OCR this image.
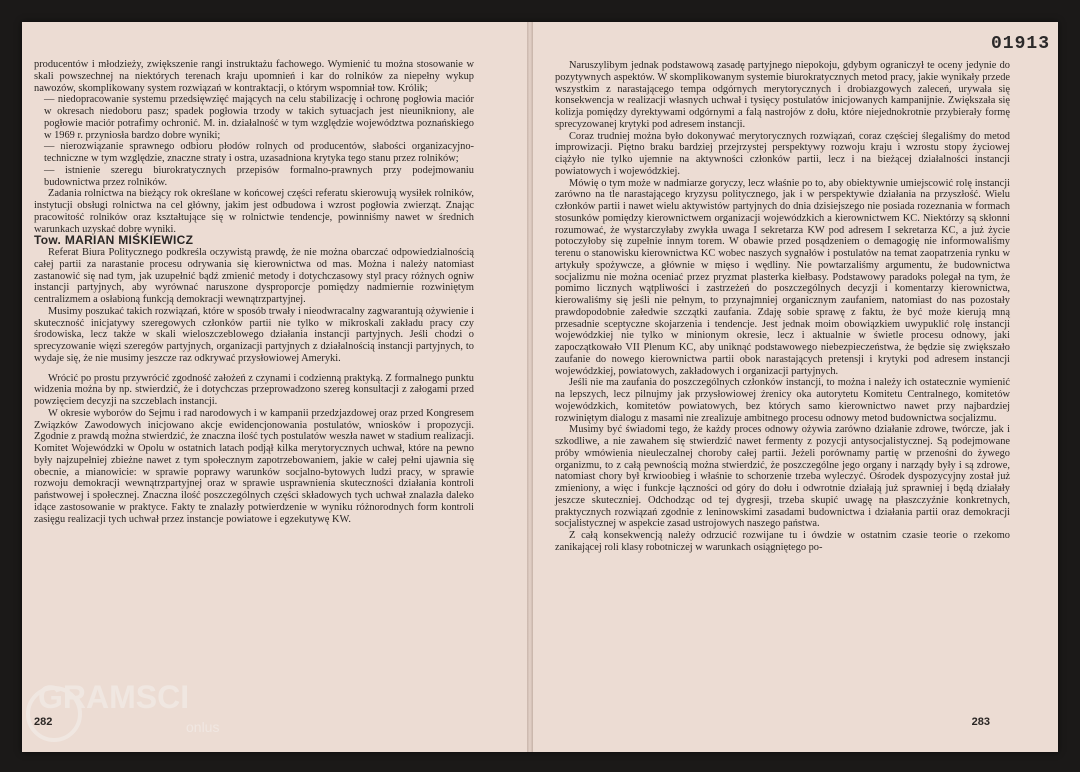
producentów i młodzieży, zwiększenie rangi instruktażu fachowego. Wymienić tu można stosowanie w skali powszechnej na niektórych terenach kraju upomnień i kar do rolników za niepełny wykup nawozów, skomplikowany system rozwiązań w kontraktacji, o którym wspomniał tow. Królik;

— niedopracowanie systemu przedsięwzięć mających na celu stabilizację i ochronę pogłowia maciór w okresach niedoboru pasz; spadek pogłowia trzody w takich sytuacjach jest nieunikniony, ale pogłowie maciór potrafimy ochronić. M. in. działalność w tym względzie województwa poznańskiego w 1969 r. przyniosła bardzo dobre wyniki;

— nierozwiązanie sprawnego odbioru płodów rolnych od producentów, słabości organizacyjno-techniczne w tym względzie, znaczne straty i ostra, uzasadniona krytyka tego stanu przez rolników;

— istnienie szeregu biurokratycznych przepisów formalno-prawnych przy podejmowaniu budownictwa przez rolników.

Zadania rolnictwa na bieżący rok określane w końcowej części referatu skierowują wysiłek rolników, instytucji obsługi rolnictwa na cel główny, jakim jest odbudowa i wzrost pogłowia zwierząt. Znając pracowitość rolników oraz kształtujące się w rolnictwie tendencje, powinniśmy nawet w średnich warunkach uzyskać dobre wyniki.

Tow. MARIAN MIŚKIEWICZ

Referat Biura Politycznego podkreśla oczywistą prawdę, że nie można obarczać odpowiedzialnością całej partii za narastanie procesu odrywania się kierownictwa od mas. Można i należy natomiast zastanowić się nad tym, jak uzupełnić bądź zmienić metody i dotychczasowy styl pracy różnych ogniw instancji partyjnych, aby wyrównać naruszone dysproporcje pomiędzy nadmiernie rozwiniętym centralizmem a osłabioną funkcją demokracji wewnątrzpartyjnej.

Musimy poszukać takich rozwiązań, które w sposób trwały i nieodwracalny zagwarantują ożywienie i skuteczność inicjatywy szeregowych członków partii nie tylko w mikroskali zakładu pracy czy środowiska, lecz także w skali wieloszczeblowego działania instancji partyjnych. Jeśli chodzi o sprecyzowanie więzi szeregów partyjnych, organizacji partyjnych z działalnością instancji partyjnych, to wydaje się, że nie musimy jeszcze raz odkrywać przysłowiowej Ameryki.

Wrócić po prostu przywrócić zgodność założeń z czynami i codzienną praktyką. Z formalnego punktu widzenia można by np. stwierdzić, że i dotychczas przeprowadzono szereg konsultacji z załogami przed powzięciem decyzji na szczeblach instancji.

W okresie wyborów do Sejmu i rad narodowych i w kampanii przedzjazdowej oraz przed Kongresem Związków Zawodowych inicjowano akcje ewidencjonowania postulatów, wniosków i propozycji. Zgodnie z prawdą można stwierdzić, że znaczna ilość tych postulatów weszła nawet w stadium realizacji. Komitet Wojewódzki w Opolu w ostatnich latach podjął kilka merytorycznych uchwał, które na pewno były najzupełniej zbieżne nawet z tym społecznym zapotrzebowaniem, jakie w całej pełni ujawnia się obecnie, a mianowicie: w sprawie poprawy warunków socjalno-bytowych ludzi pracy, w sprawie rozwoju demokracji wewnątrzpartyjnej oraz w sprawie usprawnienia skuteczności działania kontroli państwowej i społecznej. Znaczna ilość poszczególnych części składowych tych uchwał znalazła daleko idące zastosowanie w praktyce. Fakty te znalazły potwierdzenie w wyniku różnorodnych form kontroli zasięgu realizacji tych uchwał przez instancje powiatowe i egzekutywę KW.

282
01913

Naruszylibym jednak podstawową zasadę partyjnego niepokoju, gdybym ograniczył te oceny jedynie do pozytywnych aspektów. W skomplikowanym systemie biurokratycznych metod pracy, jakie wynikały przede wszystkim z narastającego tempa odgórnych merytorycznych i drobiazgowych zaleceń, urywała się konsekwencja w realizacji własnych uchwał i tysięcy postulatów inicjowanych kampanijnie. Zwiększała się kolizja pomiędzy dyrektywami odgórnymi a falą nastrojów z dołu, które niejednokrotnie przybierały formę sprecyzowanej krytyki pod adresem instancji.

Coraz trudniej można było dokonywać merytorycznych rozwiązań, coraz częściej ślegaliśmy do metod improwizacji. Piętno braku bardziej przejrzystej perspektywy rozwoju kraju i wzrostu stopy życiowej ciążyło nie tylko ujemnie na aktywności członków partii, lecz i na bieżącej działalności instancji powiatowych i wojewódzkiej.

Mówię o tym może w nadmiarze goryczy, lecz właśnie po to, aby obiektywnie umiejscowić rolę instancji zarówno na tle narastającego kryzysu politycznego, jak i w perspektywie działania na przyszłość. Wielu członków partii i nawet wielu aktywistów partyjnych do dnia dzisiejszego nie posiada rozeznania w formach stosunków pomiędzy kierownictwem organizacji wojewódzkich a kierownictwem KC. Niektórzy są skłonni rozumować, że wystarczyłaby zwykła uwaga I sekretarza KW pod adresem I sekretarza KC, a już życie potoczyłoby się zupełnie innym torem. W obawie przed posądzeniem o demagogię nie informowaliśmy terenu o stanowisku kierownictwa KC wobec naszych sygnałów i postulatów na temat zaopatrzenia rynku w artykuły spożywcze, a głównie w mięso i wędliny. Nie powtarzaliśmy argumentu, że budownictwa socjalizmu nie można oceniać przez pryzmat plasterka kiełbasy. Podstawowy paradoks polegał na tym, że pomimo licznych wątpliwości i zastrzeżeń do poszczególnych decyzji i komentarzy kierownictwa, kierowaliśmy się jeśli nie pełnym, to przynajmniej organicznym zaufaniem, natomiast do nas pozostały prawdopodobnie załedwie szczątki zaufania. Zdaję sobie sprawę z faktu, że być może kierują mną przesadnie sceptyczne skojarzenia i tendencje. Jest jednak moim obowiązkiem uwypuklić rolę instancji wojewódzkiej nie tylko w minionym okresie, lecz i aktualnie w świetle procesu odnowy, jaki zapoczątkowało VII Plenum KC, aby uniknąć podstawowego niebezpieczeństwa, że będzie się zwiększało zaufanie do nowego kierownictwa partii obok narastających pretensji i krytyki pod adresem instancji wojewódzkiej, powiatowych, zakładowych i organizacji partyjnych.

Jeśli nie ma zaufania do poszczególnych członków instancji, to można i należy ich ostatecznie wymienić na lepszych, lecz pilnujmy jak przysłowiowej źrenicy oka autorytetu Komitetu Centralnego, komitetów wojewódzkich, komitetów powiatowych, bez których samo kierownictwo nawet przy najbardziej rozwiniętym dialogu z masami nie zrealizuje ambitnego procesu odnowy metod budownictwa socjalizmu.

Musimy być świadomi tego, że każdy proces odnowy ożywia zarówno działanie zdrowe, twórcze, jak i szkodliwe, a nie zawahem się stwierdzić nawet fermenty z pozycji antysocjalistycznej. Są podejmowane próby wmówienia nieuleczalnej choroby całej partii. Jeżeli porównamy partię w przenośni do żywego organizmu, to z całą pewnością można stwierdzić, że poszczególne jego organy i narządy były i są zdrowe, natomiast chory był krwioobieg i właśnie to schorzenie trzeba wyleczyć. Ośrodek dyspozycyjny został już zmieniony, a więc i funkcje łączności od góry do dołu i odwrotnie działają już sprawniej i będą działały jeszcze skuteczniej. Odchodząc od tej dygresji, trzeba skupić uwagę na płaszczyźnie konkretnych, praktycznych rozwiązań zgodnie z leninowskimi zasadami budownictwa i działania partii oraz demokracji socjalistycznej w aspekcie zasad ustrojowych naszego państwa.

Z całą konsekwencją należy odrzucić rozwijane tu i ówdzie w ostatnim czasie teorie o rzekomo zanikającej roli klasy robotniczej w warunkach osiągniętego po-

283
GRAMSCI
onlus
